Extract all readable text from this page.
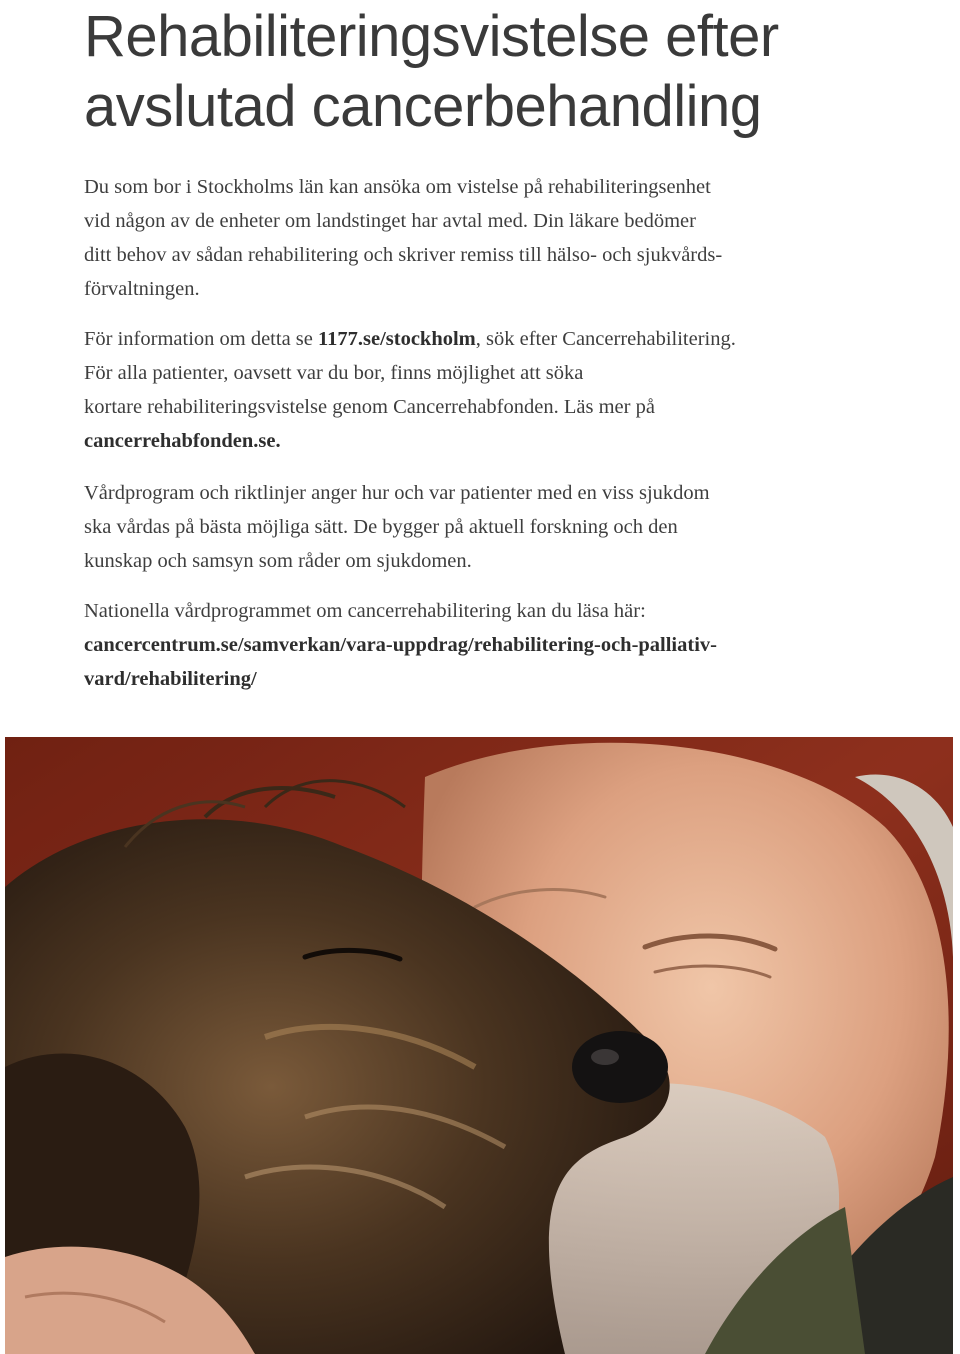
Rehabiliteringsvistelse efter
avslutad cancerbehandling

Du som bor i Stockholms län kan ansöka om vistelse på rehabiliteringsenhet
vid någon av de enheter om landstinget har avtal med. Din läkare bedömer
ditt behov av sådan rehabilitering och skriver remiss till hälso- och sjukvårds-
förvaltningen.

För information om detta se 1177.se/stockholm, sök efter Cancerrehabilitering.
För alla patienter, oavsett var du bor, finns möjlighet att söka
kortare rehabiliteringsvistelse genom Cancerrehabfonden. Läs mer på
cancerrehabfonden.se.

Vårdprogram och riktlinjer anger hur och var patienter med en viss sjukdom
ska vårdas på bästa möjliga sätt. De bygger på aktuell forskning och den
kunskap och samsyn som råder om sjukdomen.

Nationella vårdprogrammet om cancerrehabilitering kan du läsa här:
cancercentrum.se/samverkan/vara-uppdrag/rehabilitering-och-palliativ-
vard/rehabilitering/
